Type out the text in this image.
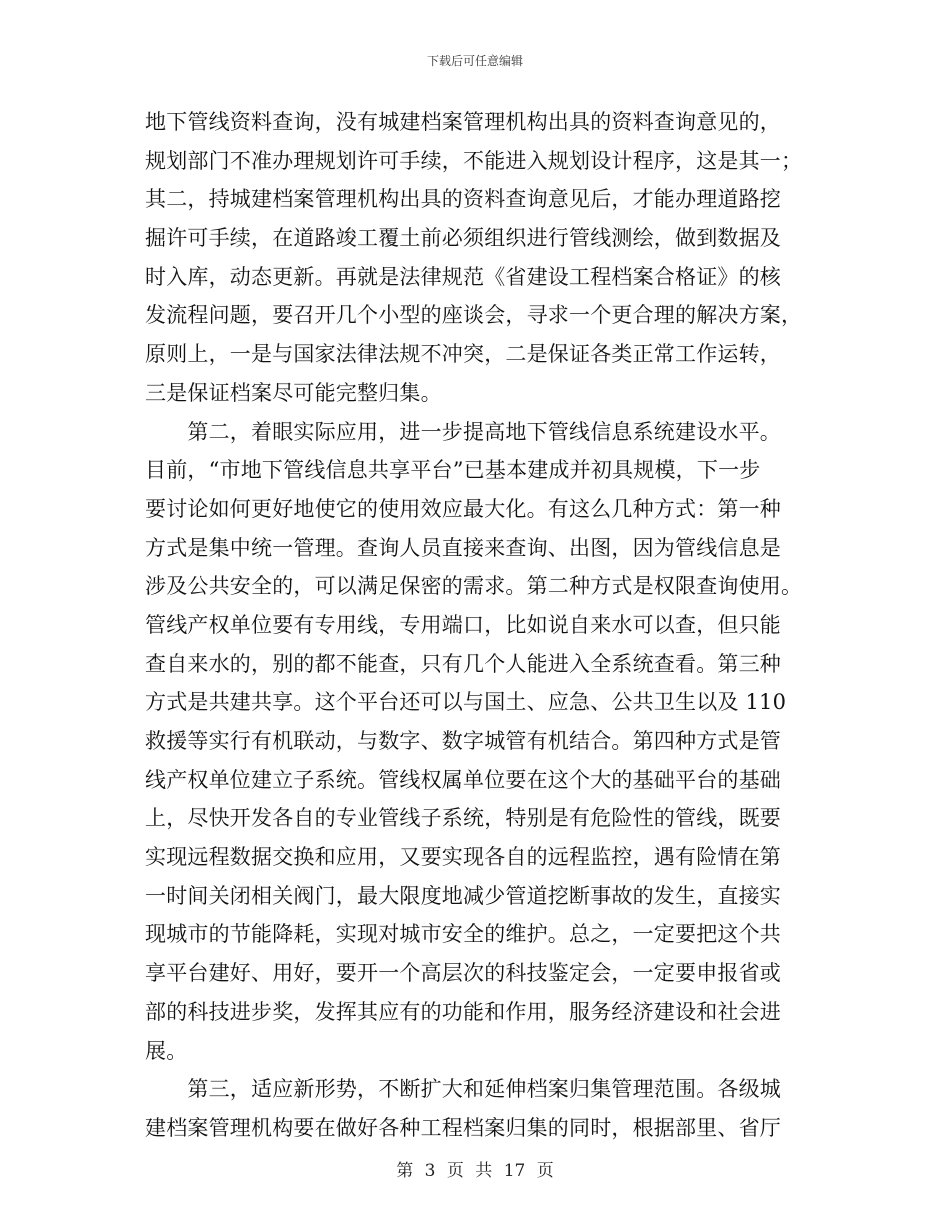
下载后可任意编辑
地下管线资料查询，没有城建档案管理机构出具的资料查询意见的，
规划部门不准办理规划许可手续，不能进入规划设计程序，这是其一；
其二，持城建档案管理机构出具的资料查询意见后，才能办理道路挖
掘许可手续，在道路竣工覆土前必须组织进行管线测绘，做到数据及
时入库，动态更新。再就是法律规范《省建设工程档案合格证》的核
发流程问题，要召开几个小型的座谈会，寻求一个更合理的解决方案，
原则上，一是与国家法律法规不冲突，二是保证各类正常工作运转，
三是保证档案尽可能完整归集。
　　第二，着眼实际应用，进一步提高地下管线信息系统建设水平。
目前，“市地下管线信息共享平台”已基本建成并初具规模，下一步
要讨论如何更好地使它的使用效应最大化。有这么几种方式：第一种
方式是集中统一管理。查询人员直接来查询、出图，因为管线信息是
涉及公共安全的，可以满足保密的需求。第二种方式是权限查询使用。
管线产权单位要有专用线，专用端口，比如说自来水可以查，但只能
查自来水的，别的都不能查，只有几个人能进入全系统查看。第三种
方式是共建共享。这个平台还可以与国土、应急、公共卫生以及 110
救援等实行有机联动，与数字、数字城管有机结合。第四种方式是管
线产权单位建立子系统。管线权属单位要在这个大的基础平台的基础
上，尽快开发各自的专业管线子系统，特别是有危险性的管线，既要
实现远程数据交换和应用，又要实现各自的远程监控，遇有险情在第
一时间关闭相关阀门，最大限度地减少管道挖断事故的发生，直接实
现城市的节能降耗，实现对城市安全的维护。总之，一定要把这个共
享平台建好、用好，要开一个高层次的科技鉴定会，一定要申报省或
部的科技进步奖，发挥其应有的功能和作用，服务经济建设和社会进
展。
　　第三，适应新形势，不断扩大和延伸档案归集管理范围。各级城
建档案管理机构要在做好各种工程档案归集的同时，根据部里、省厅
第 3 页 共 17 页
